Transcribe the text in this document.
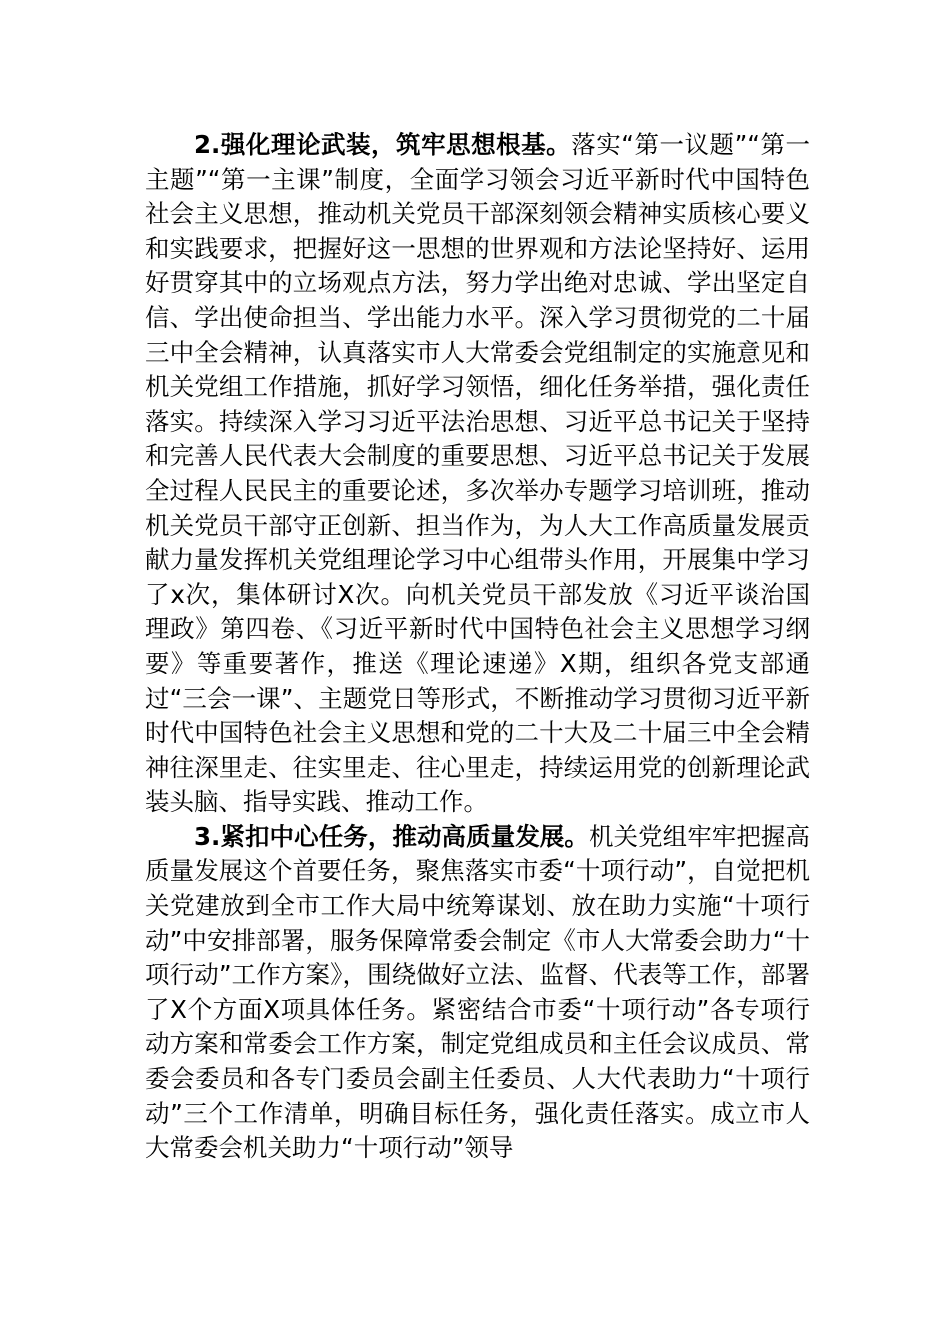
2.强化理论武装，筑牢思想根基。落实“第一议题”“第一主题”“第一主课”制度，全面学习领会习近平新时代中国特色社会主义思想，推动机关党员干部深刻领会精神实质核心要义和实践要求，把握好这一思想的世界观和方法论坚持好、运用好贯穿其中的立场观点方法，努力学出绝对忠诚、学出坚定自信、学出使命担当、学出能力水平。深入学习贯彻党的二十届三中全会精神，认真落实市人大常委会党组制定的实施意见和机关党组工作措施，抓好学习领悟，细化任务举措，强化责任落实。持续深入学习习近平法治思想、习近平总书记关于坚持和完善人民代表大会制度的重要思想、习近平总书记关于发展全过程人民民主的重要论述，多次举办专题学习培训班，推动机关党员干部守正创新、担当作为，为人大工作高质量发展贡献力量发挥机关党组理论学习中心组带头作用，开展集中学习了x次，集体研讨X次。向机关党员干部发放《习近平谈治国理政》第四卷、《习近平新时代中国特色社会主义思想学习纲要》等重要著作，推送《理论速递》X期，组织各党支部通过“三会一课”、主题党日等形式，不断推动学习贯彻习近平新时代中国特色社会主义思想和党的二十大及二十届三中全会精神往深里走、往实里走、往心里走，持续运用党的创新理论武装头脑、指导实践、推动工作。

3.紧扣中心任务，推动高质量发展。机关党组牢牢把握高质量发展这个首要任务，聚焦落实市委“十项行动”，自觉把机关党建放到全市工作大局中统筹谋划、放在助力实施“十项行动”中安排部署，服务保障常委会制定《市人大常委会助力“十项行动”工作方案》，围绕做好立法、监督、代表等工作，部署了X个方面X项具体任务。紧密结合市委“十项行动”各专项行动方案和常委会工作方案，制定党组成员和主任会议成员、常委会委员和各专门委员会副主任委员、人大代表助力“十项行动”三个工作清单，明确目标任务，强化责任落实。成立市人大常委会机关助力“十项行动”领导
